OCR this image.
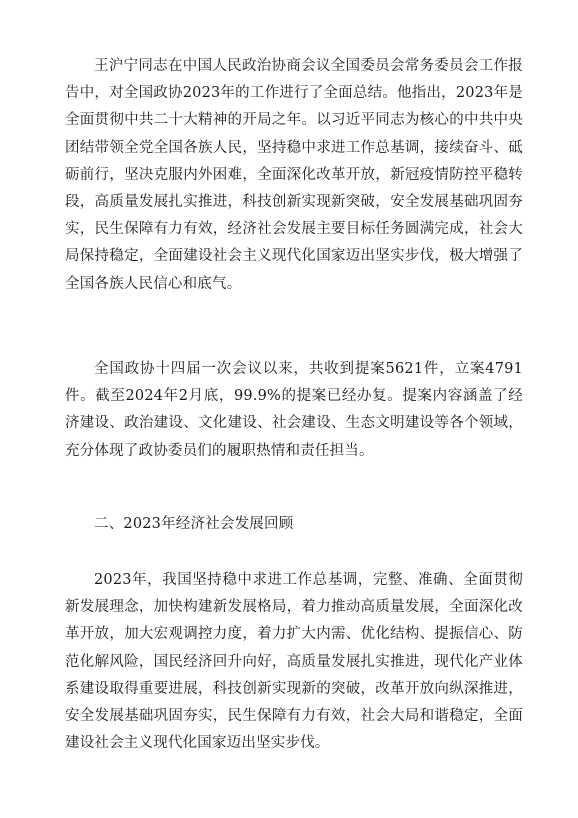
王沪宁同志在中国人民政治协商会议全国委员会常务委员会工作报告中，对全国政协2023年的工作进行了全面总结。他指出，2023年是全面贯彻中共二十大精神的开局之年。以习近平同志为核心的中共中央团结带领全党全国各族人民，坚持稳中求进工作总基调，接续奋斗、砥砺前行，坚决克服内外困难，全面深化改革开放，新冠疫情防控平稳转段，高质量发展扎实推进，科技创新实现新突破，安全发展基础巩固夯实，民生保障有力有效，经济社会发展主要目标任务圆满完成，社会大局保持稳定，全面建设社会主义现代化国家迈出坚实步伐，极大增强了全国各族人民信心和底气。

全国政协十四届一次会议以来，共收到提案5621件，立案4791件。截至2024年2月底，99.9%的提案已经办复。提案内容涵盖了经济建设、政治建设、文化建设、社会建设、生态文明建设等各个领域，充分体现了政协委员们的履职热情和责任担当。

二、2023年经济社会发展回顾

2023年，我国坚持稳中求进工作总基调，完整、准确、全面贯彻新发展理念，加快构建新发展格局，着力推动高质量发展，全面深化改革开放，加大宏观调控力度，着力扩大内需、优化结构、提振信心、防范化解风险，国民经济回升向好，高质量发展扎实推进，现代化产业体系建设取得重要进展，科技创新实现新的突破，改革开放向纵深推进，安全发展基础巩固夯实，民生保障有力有效，社会大局和谐稳定，全面建设社会主义现代化国家迈出坚实步伐。
